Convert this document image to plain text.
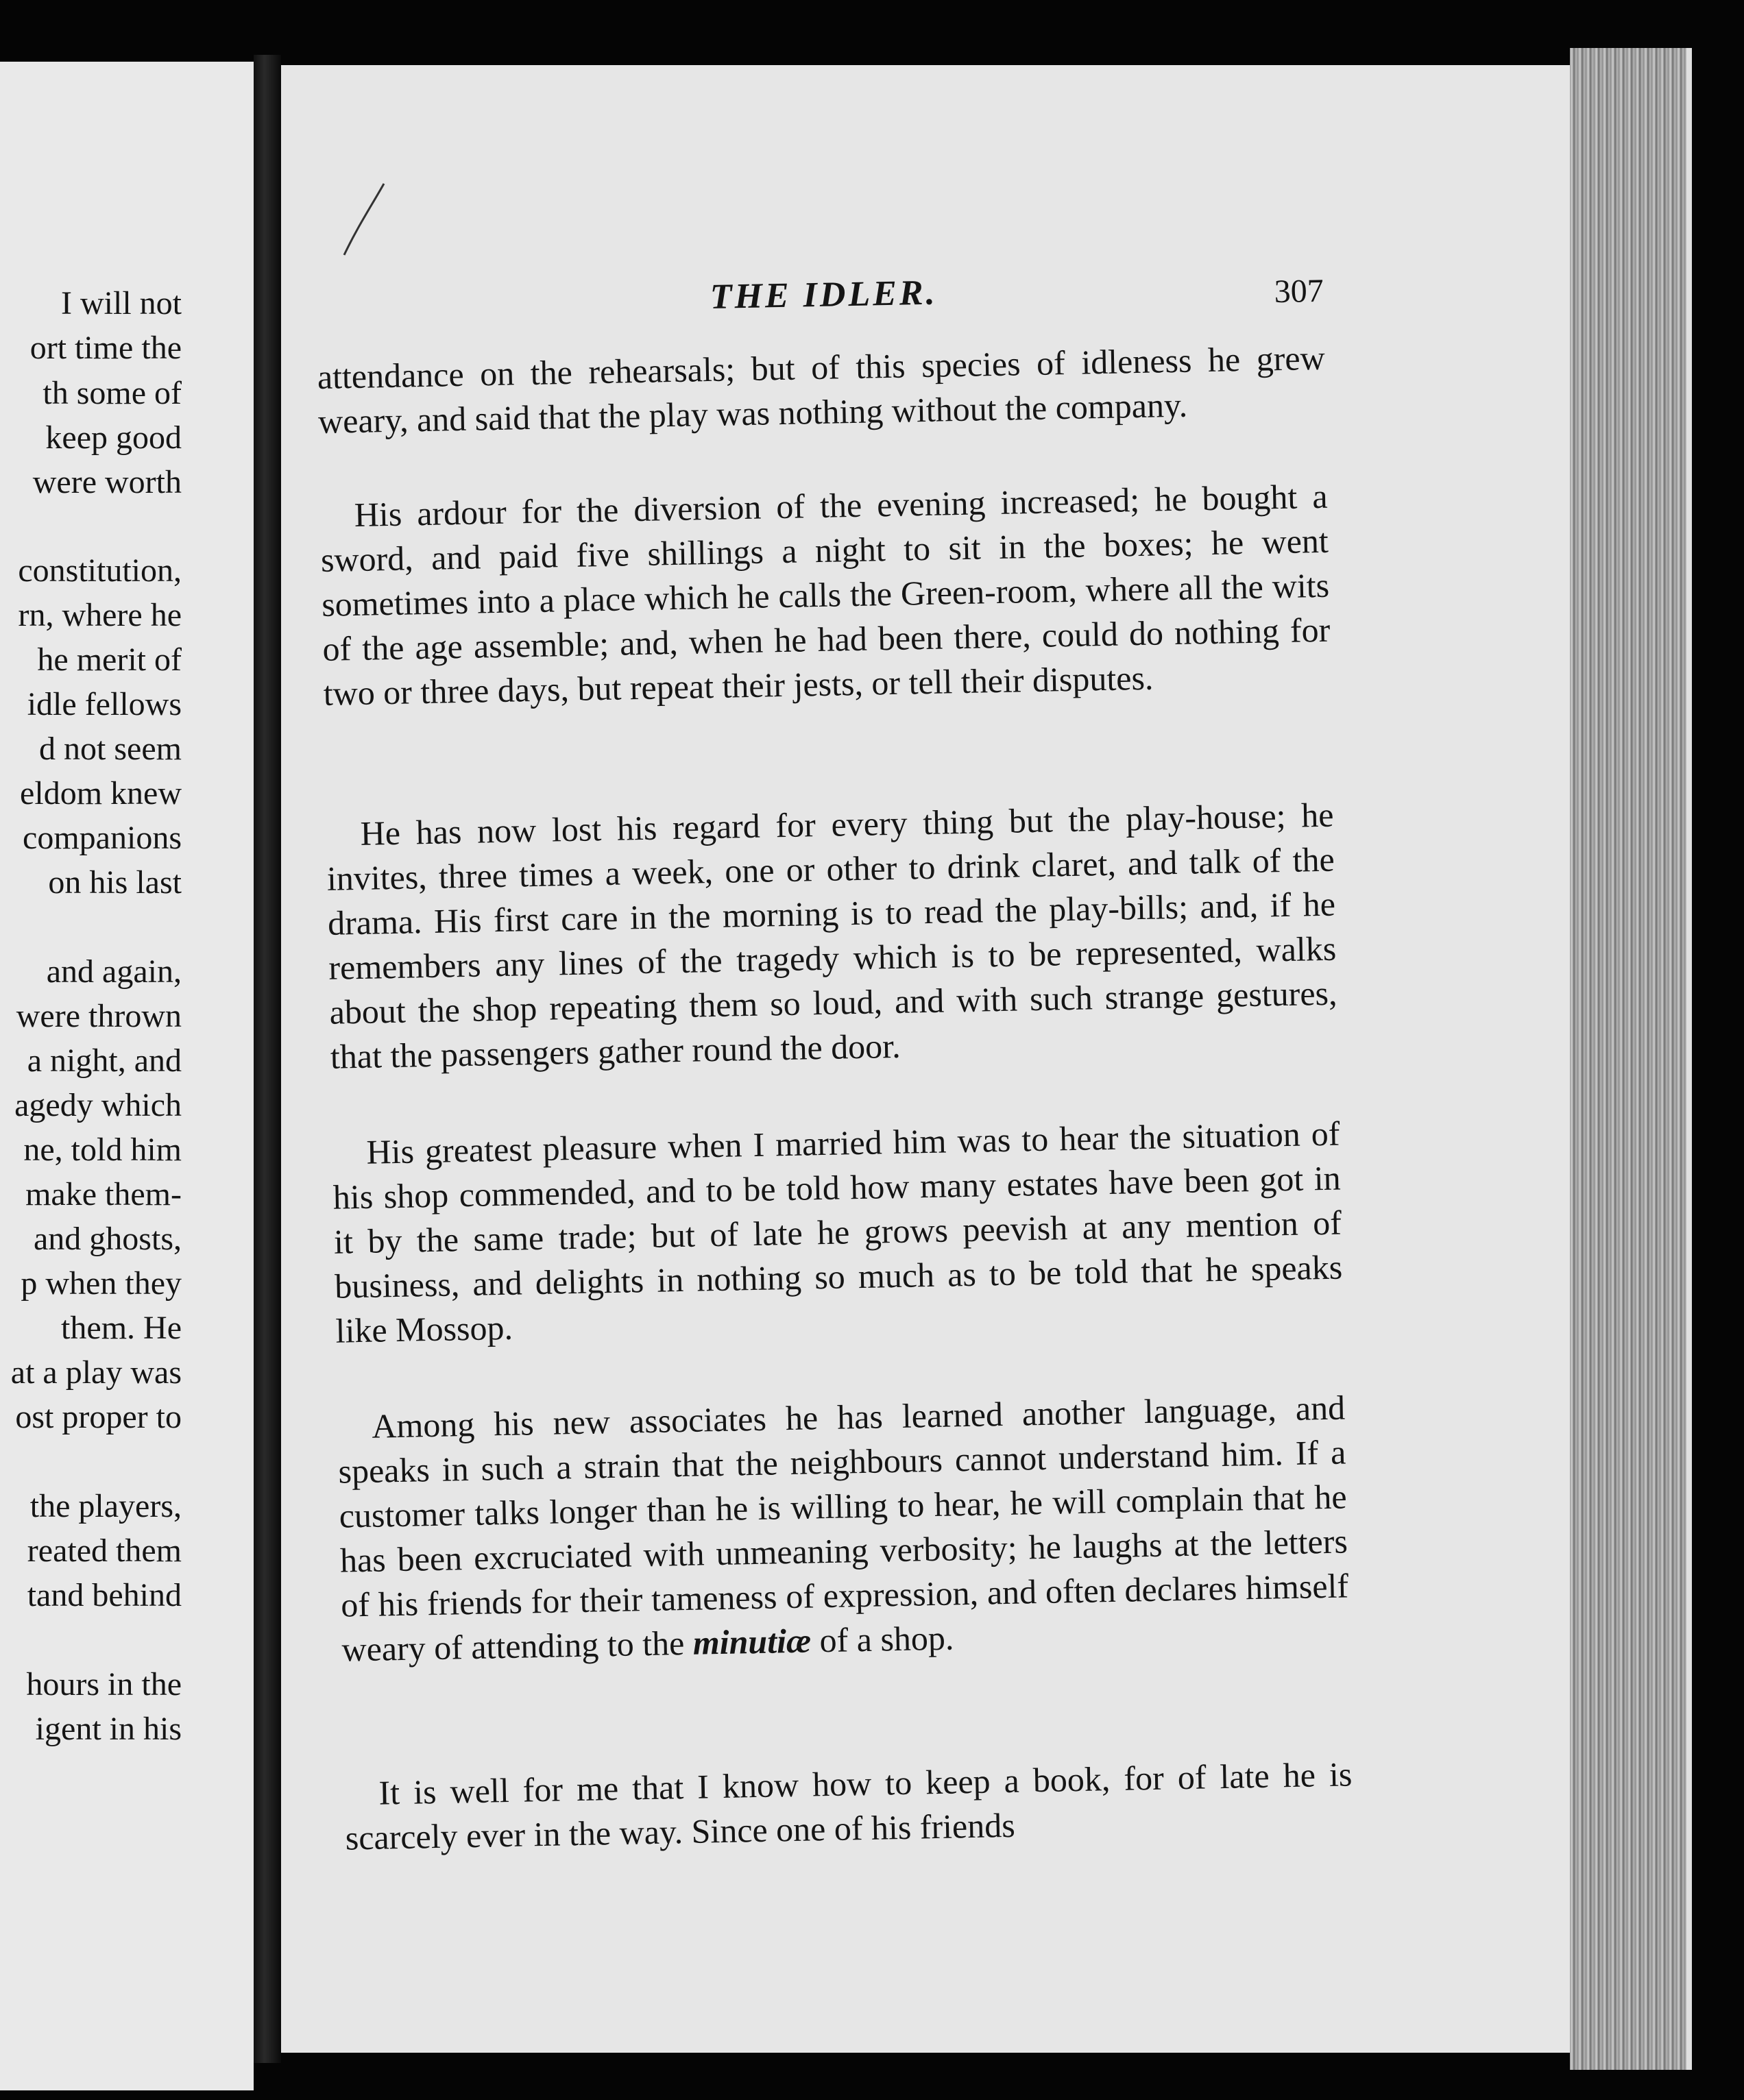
I will not
ort time the
th some of
keep good
were worth
constitution,
rn, where he
he merit of
idle fellows
d not seem
eldom knew
companions
on his last
and again,
were thrown
a night, and
agedy which
ne, told him
make them-
and ghosts,
p when they
them. He
at a play was
ost proper to
the players,
reated them
tand behind
hours in the
igent in his
THE IDLER.	307
attendance on the rehearsals; but of this species of idleness he grew weary, and said that the play was nothing without the company.
His ardour for the diversion of the evening increased; he bought a sword, and paid five shillings a night to sit in the boxes; he went sometimes into a place which he calls the Green-room, where all the wits of the age assemble; and, when he had been there, could do nothing for two or three days, but repeat their jests, or tell their disputes.
He has now lost his regard for every thing but the play-house; he invites, three times a week, one or other to drink claret, and talk of the drama. His first care in the morning is to read the play-bills; and, if he remembers any lines of the tragedy which is to be represented, walks about the shop repeating them so loud, and with such strange gestures, that the passengers gather round the door.
His greatest pleasure when I married him was to hear the situation of his shop commended, and to be told how many estates have been got in it by the same trade; but of late he grows peevish at any mention of business, and delights in nothing so much as to be told that he speaks like Mossop.
Among his new associates he has learned another language, and speaks in such a strain that the neighbours cannot understand him. If a customer talks longer than he is willing to hear, he will complain that he has been excruciated with unmeaning verbosity; he laughs at the letters of his friends for their tameness of expression, and often declares himself weary of attending to the minutiæ of a shop.
It is well for me that I know how to keep a book, for of late he is scarcely ever in the way. Since one of his friends
